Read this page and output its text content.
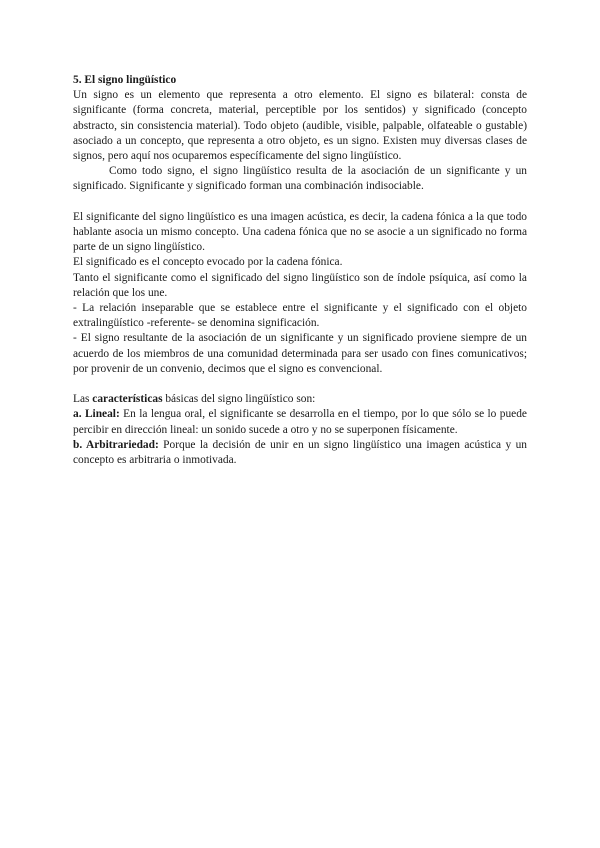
5. El signo lingüístico

Un signo es un elemento que representa a otro elemento. El signo es bilateral: consta de significante (forma concreta, material, perceptible por los sentidos) y significado (concepto abstracto, sin consistencia material). Todo objeto (audible, visible, palpable, olfateable o gustable) asociado a un concepto, que representa a otro objeto, es un signo. Existen muy diversas clases de signos, pero aquí nos ocuparemos específicamente del signo lingüístico.

Como todo signo, el signo lingüístico resulta de la asociación de un significante y un significado. Significante y significado forman una combinación indisociable.

El significante del signo lingüístico es una imagen acústica, es decir, la cadena fónica a la que todo hablante asocia un mismo concepto. Una cadena fónica que no se asocie a un significado no forma parte de un signo lingüístico.

El significado es el concepto evocado por la cadena fónica.

Tanto el significante como el significado del signo lingüístico son de índole psíquica, así como la relación que los une.

- La relación inseparable que se establece entre el significante y el significado con el objeto extralingüístico -referente- se denomina significación.

- El signo resultante de la asociación de un significante y un significado proviene siempre de un acuerdo de los miembros de una comunidad determinada para ser usado con fines comunicativos; por provenir de un convenio, decimos que el signo es convencional.

Las características básicas del signo lingüístico son:

a. Lineal: En la lengua oral, el significante se desarrolla en el tiempo, por lo que sólo se lo puede percibir en dirección lineal: un sonido sucede a otro y no se superponen físicamente.

b. Arbitrariedad: Porque la decisión de unir en un signo lingüístico una imagen acústica y un concepto es arbitraria o inmotivada.
